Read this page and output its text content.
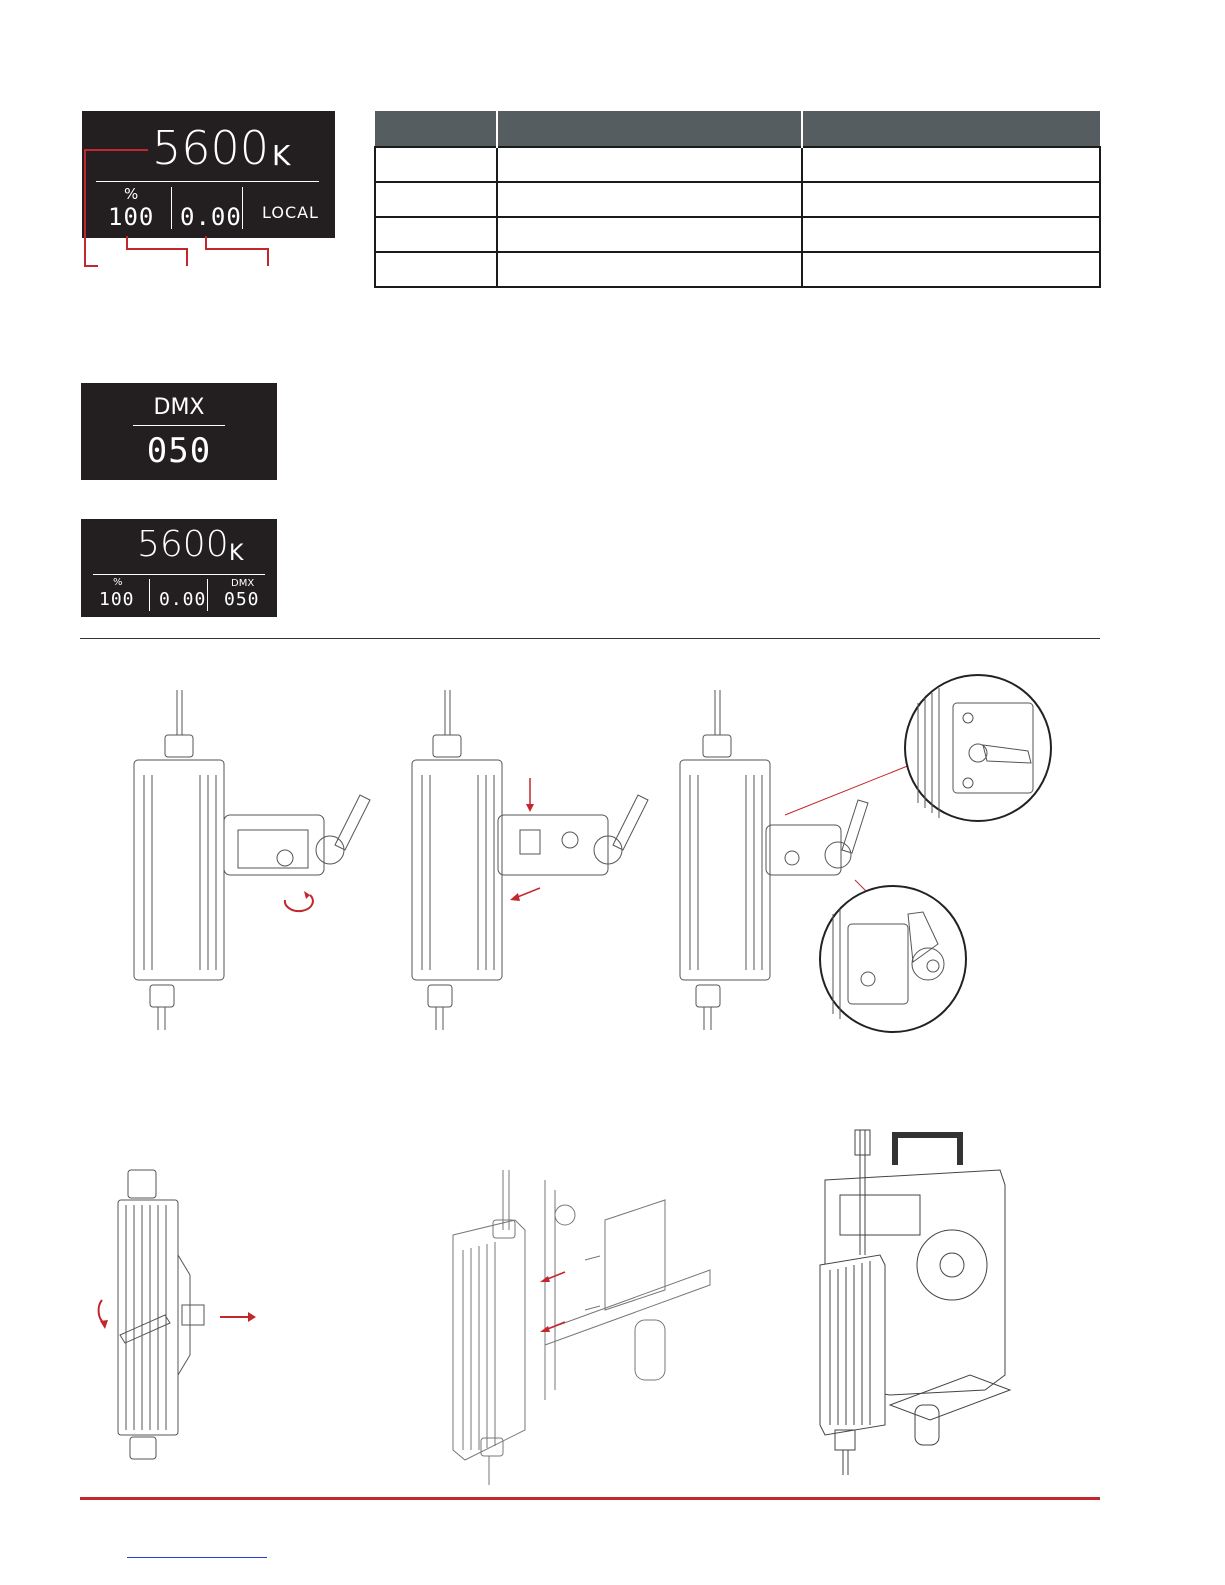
5600 K
%
100 0.00 LOCAL

DMX
050
5600 K
%
100 0.00
DMX
050
